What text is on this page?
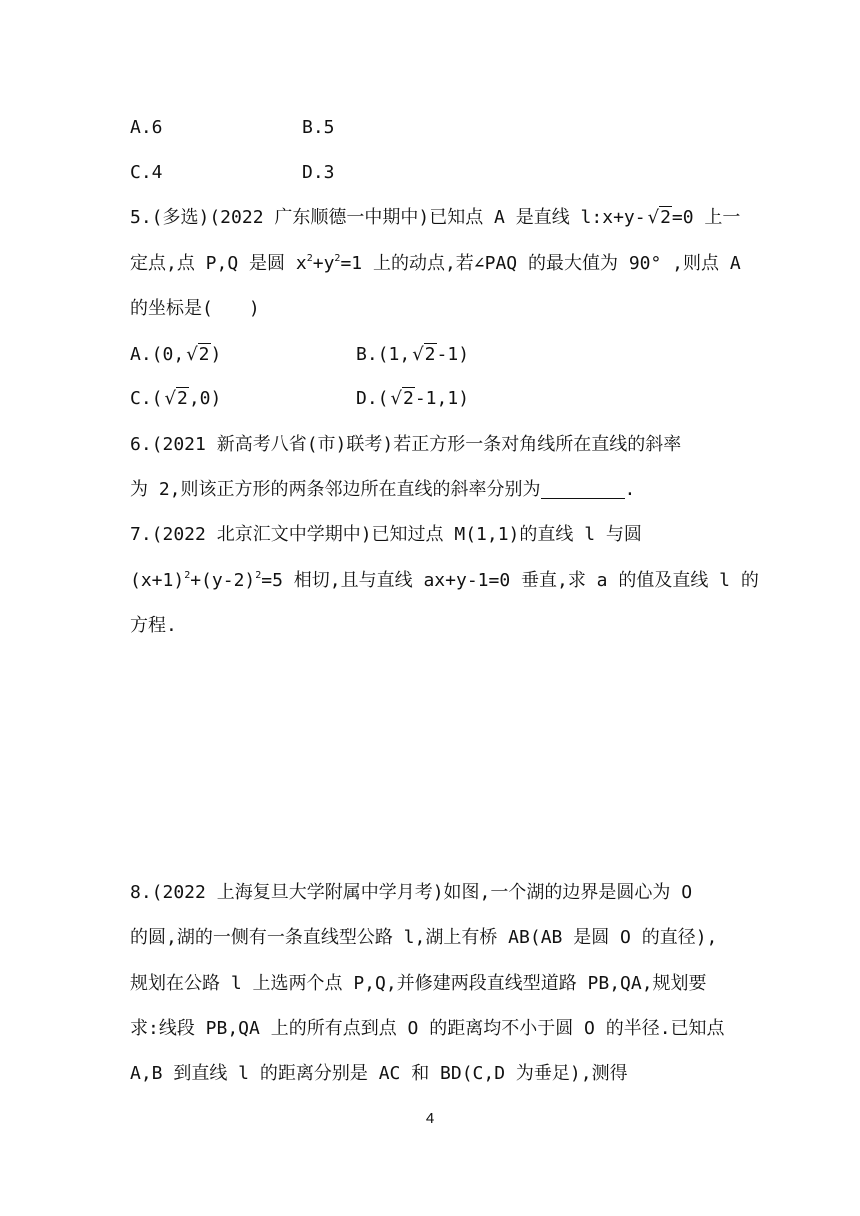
A.6	B.5
C.4	D.3
5.(多选)(2022 广东顺德一中期中)已知点 A 是直线 l:x+y- √2=0 上一
定点,点 P,Q 是圆 $x^2+y^2=1$ 上的动点,若∠PAQ 的最大值为 90° ,则点 A
的坐标是(　　)
A.(0, √2)	B.(1, √2-1)
C.( √2,0)	D.( √2-1,1)
6.(2021 新高考八省(市)联考)若正方形一条对角线所在直线的斜率
为 2,则该正方形的两条邻边所在直线的斜率分别为	.
7.(2022 北京汇文中学期中)已知过点 M(1,1)的直线 l 与圆
$(x+1)^2+(y-2)^2=5$ 相切,且与直线 ax+y-1=0 垂直,求 a 的值及直线 l 的
方程.
8.(2022 上海复旦大学附属中学月考)如图,一个湖的边界是圆心为 O
的圆,湖的一侧有一条直线型公路 l,湖上有桥 AB(AB 是圆 O 的直径),
规划在公路 l 上选两个点 P,Q,并修建两段直线型道路 PB,QA,规划要
求:线段 PB,QA 上的所有点到点 O 的距离均不小于圆 O 的半径.已知点
A,B 到直线 l 的距离分别是 AC 和 BD(C,D 为垂足),测得
4
